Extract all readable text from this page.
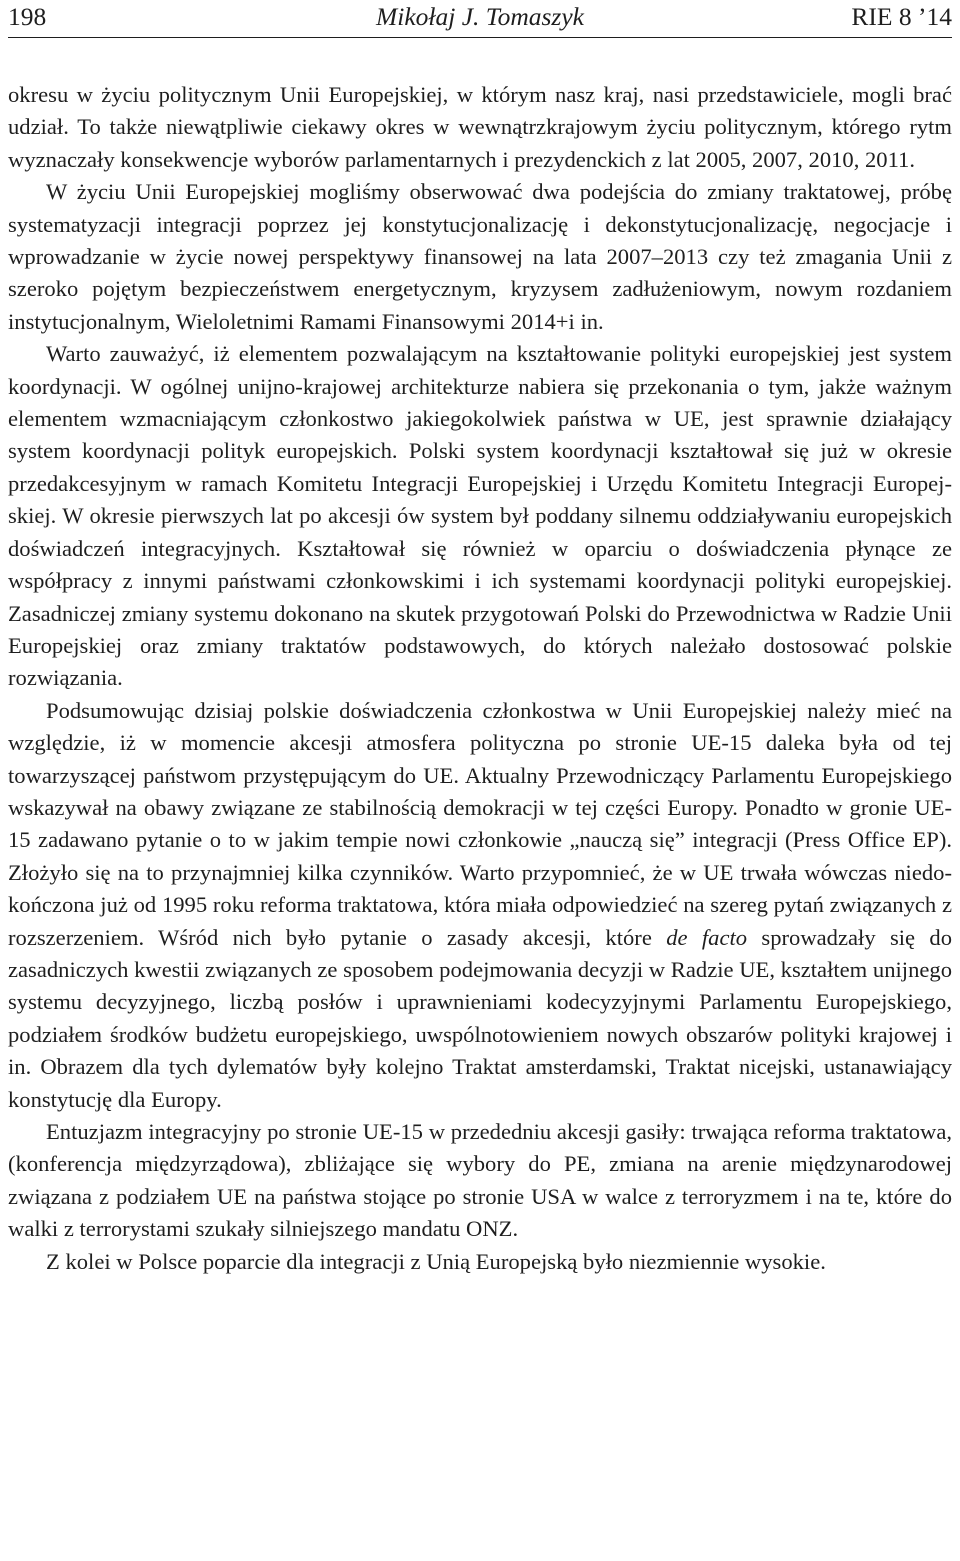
198	Mikołaj J. Tomaszyk	RIE 8 ’14

okresu w życiu politycznym Unii Europejskiej, w którym nasz kraj, nasi przedstawiciele, mogli brać udział. To także niewątpliwie ciekawy okres w wewnątrzkrajowym życiu politycznym, którego rytm wyznaczały konsekwencje wyborów parlamentarnych i prezydenckich z lat 2005, 2007, 2010, 2011.

W życiu Unii Europejskiej mogliśmy obserwować dwa podejścia do zmiany traktatowej, próbę systematyzacji integracji poprzez jej konstytucjonalizację i dekonstytucjonalizację, negocjacje i wprowadzanie w życie nowej perspektywy finansowej na lata 2007–2013 czy też zmagania Unii z szeroko pojętym bezpieczeństwem energetycznym, kryzysem zadłużeniowym, nowym rozdaniem instytucjonalnym, Wieloletnimi Ramami Finansowymi 2014+i in.

Warto zauważyć, iż elementem pozwalającym na kształtowanie polityki europejskiej jest system koordynacji. W ogólnej unijno-krajowej architekturze nabiera się przekonania o tym, jakże ważnym elementem wzmacniającym członkostwo jakiegokolwiek państwa w UE, jest sprawnie działający system koordynacji polityk europejskich. Polski system koordynacji kształtował się już w okresie przedakcesyjnym w ramach Komitetu Integracji Europejskiej i Urzędu Komitetu Integracji Europejskiej. W okresie pierwszych lat po akcesji ów system był poddany silnemu oddziaływaniu europejskich doświadczeń integracyjnych. Kształtował się również w oparciu o doświadczenia płynące ze współpracy z innymi państwami członkowskimi i ich systemami koordynacji polityki europejskiej. Zasadniczej zmiany systemu dokonano na skutek przygotowań Polski do Przewodnictwa w Radzie Unii Europejskiej oraz zmiany traktatów podstawowych, do których należało dostosować polskie rozwiązania.

Podsumowując dzisiaj polskie doświadczenia członkostwa w Unii Europejskiej należy mieć na względzie, iż w momencie akcesji atmosfera polityczna po stronie UE-15 daleka była od tej towarzyszącej państwom przystępującym do UE. Aktualny Przewodniczący Parlamentu Europejskiego wskazywał na obawy związane ze stabilnością demokracji w tej części Europy. Ponadto w gronie UE-15 zadawano pytanie o to w jakim tempie nowi członkowie „nauczą się” integracji (Press Office EP). Złożyło się na to przynajmniej kilka czynników. Warto przypomnieć, że w UE trwała wówczas niedokończona już od 1995 roku reforma traktatowa, która miała odpowiedzieć na szereg pytań związanych z rozszerzeniem. Wśród nich było pytanie o zasady akcesji, które de facto sprowadzały się do zasadniczych kwestii związanych ze sposobem podejmowania decyzji w Radzie UE, kształtem unijnego systemu decyzyjnego, liczbą posłów i uprawnieniami kodecyzyjnymi Parlamentu Europejskiego, podziałem środków budżetu europejskiego, uwspólnotowieniem nowych obszarów polityki krajowej i in. Obrazem dla tych dylematów były kolejno Traktat amsterdamski, Traktat nicejski, ustanawiający konstytucję dla Europy.

Entuzjazm integracyjny po stronie UE-15 w przededniu akcesji gasiły: trwająca reforma traktatowa, (konferencja międzyrządowa), zbliżające się wybory do PE, zmiana na arenie międzynarodowej związana z podziałem UE na państwa stojące po stronie USA w walce z terroryzmem i na te, które do walki z terrorystami szukały silniejszego mandatu ONZ.

Z kolei w Polsce poparcie dla integracji z Unią Europejską było niezmiennie wysokie.
